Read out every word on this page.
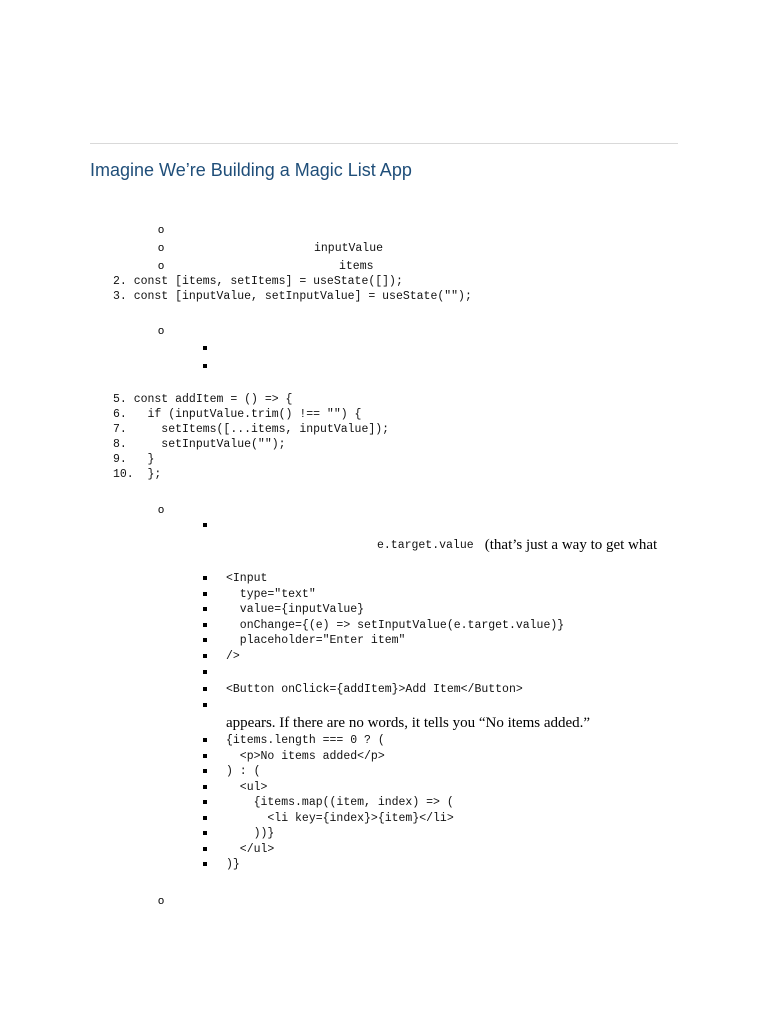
Imagine We’re Building a Magic List App
o
o	inputValue
o	items
2. const [items, setItems] = useState([]);
3. const [inputValue, setInputValue] = useState("");
o
5. const addItem = () => {
6.   if (inputValue.trim() !== "") {
7.     setItems([...items, inputValue]);
8.     setInputValue("");
9.   }
10.  };
o
e.target.value (that’s just a way to get what
<Input
type="text"
value={inputValue}
onChange={(e) => setInputValue(e.target.value)}
placeholder="Enter item"
/>
<Button onClick={addItem}>Add Item</Button>
appears. If there are no words, it tells you “No items added.”
{items.length === 0 ? (
<p>No items added</p>
) : (
<ul>
{items.map((item, index) => (
<li key={index}>{item}</li>
))}
</ul>
)}
o
